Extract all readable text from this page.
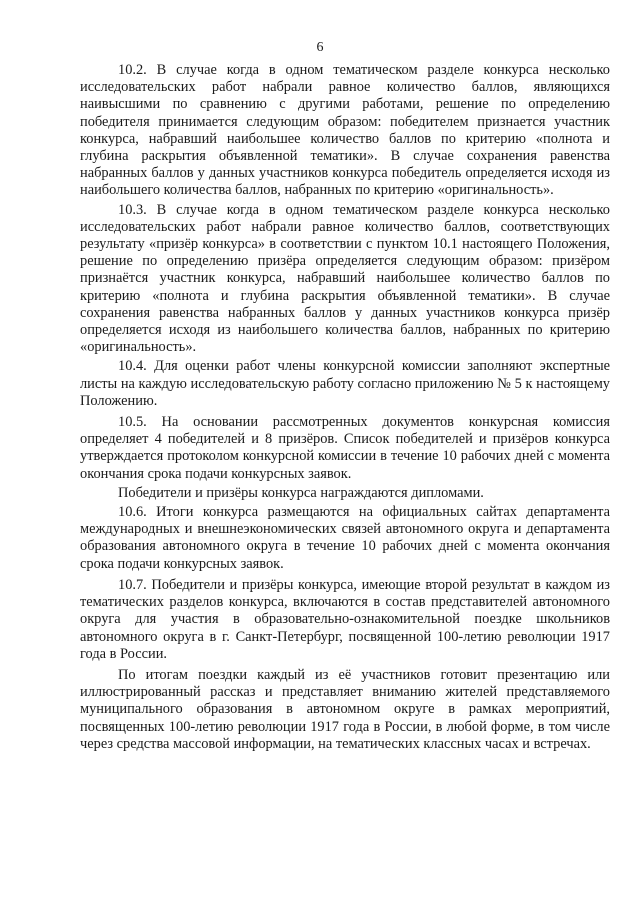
6

10.2. В случае когда в одном тематическом разделе конкурса несколько исследовательских работ набрали равное количество баллов, являющихся наивысшими по сравнению с другими работами, решение по определению победителя принимается следующим образом: победителем признается участник конкурса, набравший наибольшее количество баллов по критерию «полнота и глубина раскрытия объявленной тематики». В случае сохранения равенства набранных баллов у данных участников конкурса победитель определяется исходя из наибольшего количества баллов, набранных по критерию «оригинальность».

10.3. В случае когда в одном тематическом разделе конкурса несколько исследовательских работ набрали равное количество баллов, соответствующих результату «призёр конкурса» в соответствии с пунктом 10.1 настоящего Положения, решение по определению призёра определяется следующим образом: призёром признаётся участник конкурса, набравший наибольшее количество баллов по критерию «полнота и глубина раскрытия объявленной тематики». В случае сохранения равенства набранных баллов у данных участников конкурса призёр определяется исходя из наибольшего количества баллов, набранных по критерию «оригинальность».

10.4. Для оценки работ члены конкурсной комиссии заполняют экспертные листы на каждую исследовательскую работу согласно приложению № 5 к настоящему Положению.

10.5. На основании рассмотренных документов конкурсная комиссия определяет 4 победителей и 8 призёров. Список победителей и призёров конкурса утверждается протоколом конкурсной комиссии в течение 10 рабочих дней с момента окончания срока подачи конкурсных заявок.

Победители и призёры конкурса награждаются дипломами.

10.6. Итоги конкурса размещаются на официальных сайтах департамента международных и внешнеэкономических связей автономного округа и департамента образования автономного округа в течение 10 рабочих дней с момента окончания срока подачи конкурсных заявок.

10.7. Победители и призёры конкурса, имеющие второй результат в каждом из тематических разделов конкурса, включаются в состав представителей автономного округа для участия в образовательно-ознакомительной поездке школьников автономного округа в г. Санкт-Петербург, посвященной 100-летию революции 1917 года в России.

По итогам поездки каждый из её участников готовит презентацию или иллюстрированный рассказ и представляет вниманию жителей представляемого муниципального образования в автономном округе в рамках мероприятий, посвященных 100-летию революции 1917 года в России, в любой форме, в том числе через средства массовой информации, на тематических классных часах и встречах.
